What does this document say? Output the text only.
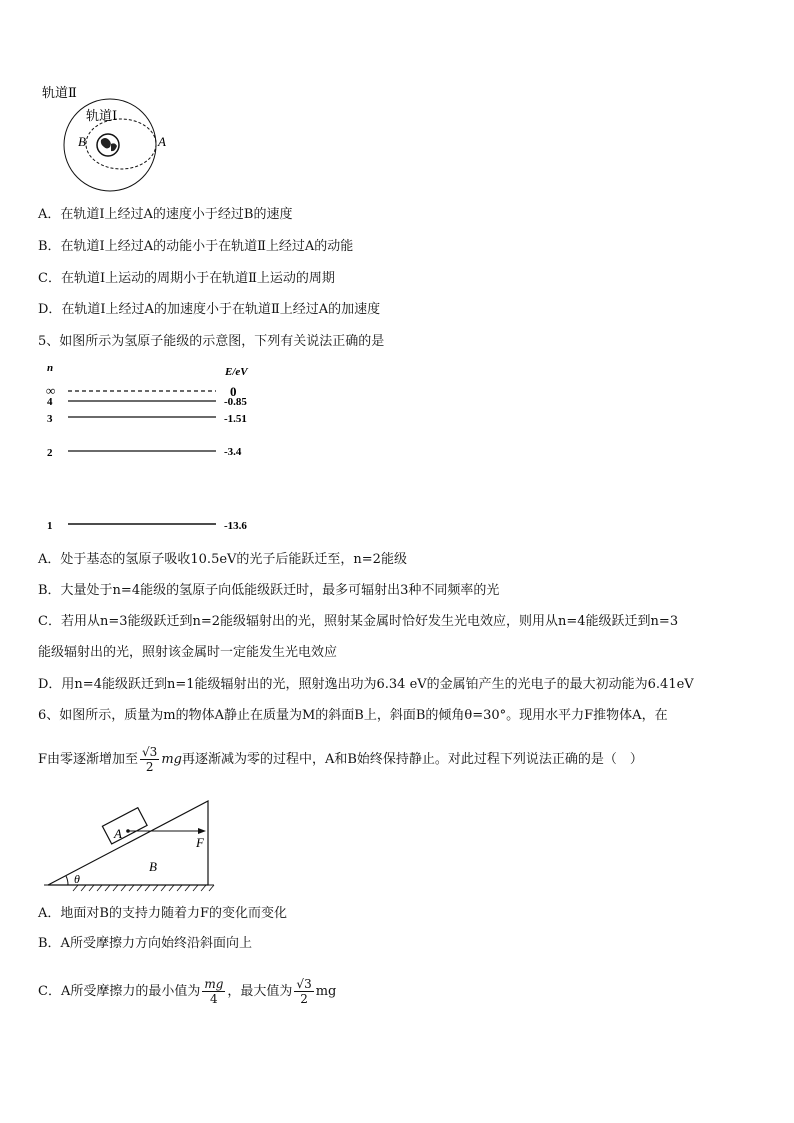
轨道Ⅱ
轨道Ⅰ
B	A
A．在轨道Ⅰ上经过A的速度小于经过B的速度
B．在轨道Ⅰ上经过A的动能小于在轨道Ⅱ上经过A的动能
C．在轨道Ⅰ上运动的周期小于在轨道Ⅱ上运动的周期
D．在轨道Ⅰ上经过A的加速度小于在轨道Ⅱ上经过A的加速度
5、如图所示为氢原子能级的示意图，下列有关说法正确的是
n	E/eV
∞	0
4	-0.85
3	-1.51
2	-3.4
1	-13.6
A．处于基态的氢原子吸收10.5eV的光子后能跃迁至，n=2能级
B．大量处于n=4能级的氢原子向低能级跃迁时，最多可辐射出3种不同频率的光
C．若用从n=3能级跃迁到n=2能级辐射出的光，照射某金属时恰好发生光电效应，则用从n=4能级跃迁到n=3
能级辐射出的光，照射该金属时一定能发生光电效应
D．用n=4能级跃迁到n=1能级辐射出的光，照射逸出功为6.34 eV的金属铂产生的光电子的最大初动能为6.41eV
6、如图所示，质量为m的物体A静止在质量为M的斜面B上，斜面B的倾角θ=30°。现用水平力F推物体A，在
F由零逐渐增加至 $\frac{√3}{2}$ mg再逐渐减为零的过程中，A和B始终保持静止。对此过程下列说法正确的是（　）
A
F
B
θ
A．地面对B的支持力随着力F的变化而变化
B．A所受摩擦力方向始终沿斜面向上
C．A所受摩擦力的最小值为 $\frac{mg}{4}$ ，最大值为 $\frac{√3}{2}$ mg
